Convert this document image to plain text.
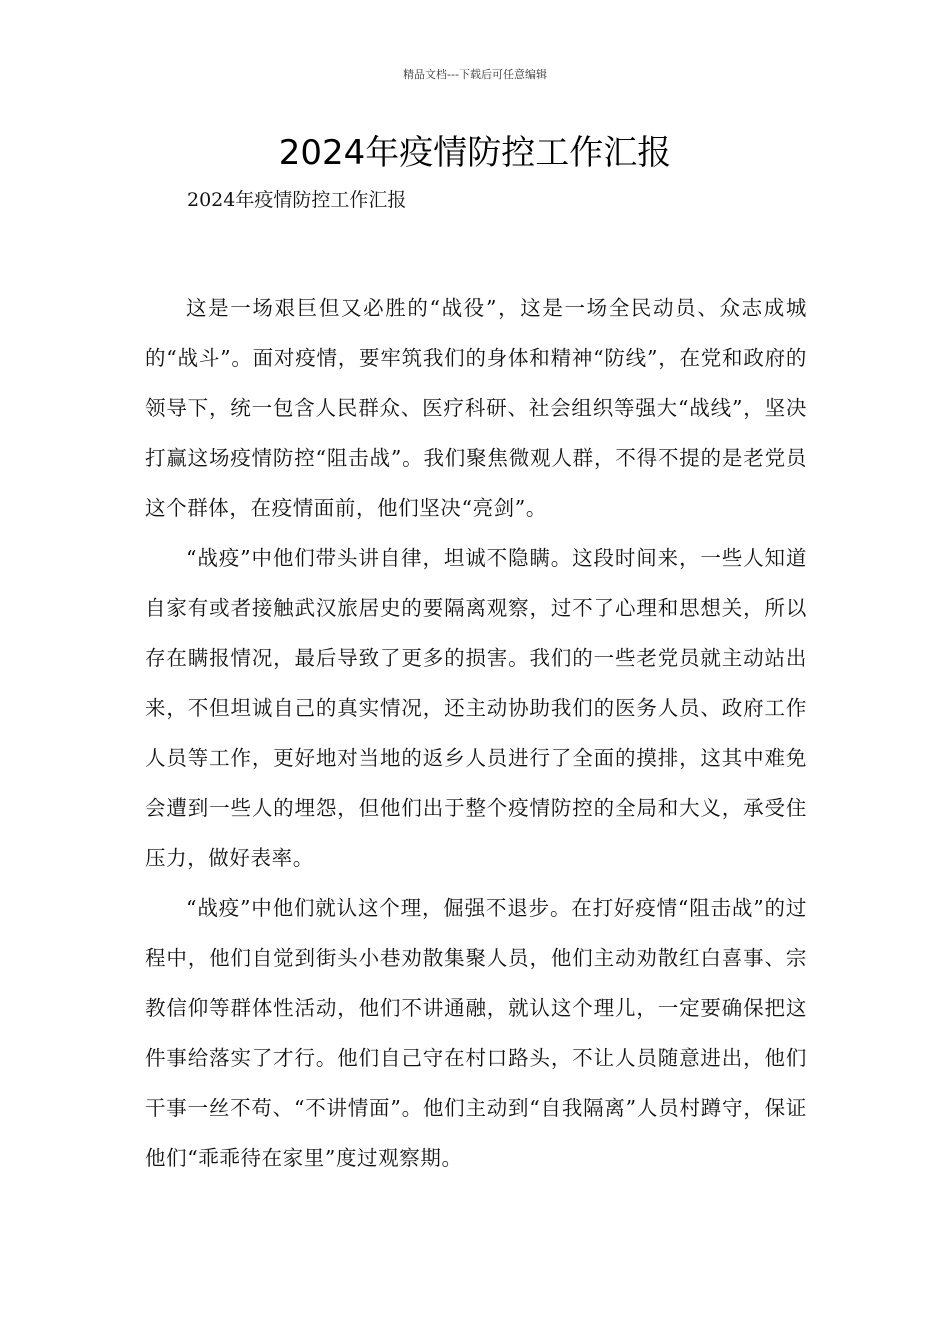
精品文档---下载后可任意编辑
2024年疫情防控工作汇报
2024年疫情防控工作汇报

这是一场艰巨但又必胜的“战役”，这是一场全民动员、众志成城的“战斗”。面对疫情，要牢筑我们的身体和精神“防线”，在党和政府的领导下，统一包含人民群众、医疗科研、社会组织等强大“战线”，坚决打赢这场疫情防控“阻击战”。我们聚焦微观人群，不得不提的是老党员这个群体，在疫情面前，他们坚决“亮剑”。

“战疫”中他们带头讲自律，坦诚不隐瞒。这段时间来，一些人知道自家有或者接触武汉旅居史的要隔离观察，过不了心理和思想关，所以存在瞒报情况，最后导致了更多的损害。我们的一些老党员就主动站出来，不但坦诚自己的真实情况，还主动协助我们的医务人员、政府工作人员等工作，更好地对当地的返乡人员进行了全面的摸排，这其中难免会遭到一些人的埋怨，但他们出于整个疫情防控的全局和大义，承受住压力，做好表率。

“战疫”中他们就认这个理，倔强不退步。在打好疫情“阻击战”的过程中，他们自觉到街头小巷劝散集聚人员，他们主动劝散红白喜事、宗教信仰等群体性活动，他们不讲通融，就认这个理儿，一定要确保把这件事给落实了才行。他们自己守在村口路头，不让人员随意进出，他们干事一丝不苟、“不讲情面”。他们主动到“自我隔离”人员村蹲守，保证他们“乖乖待在家里”度过观察期。
